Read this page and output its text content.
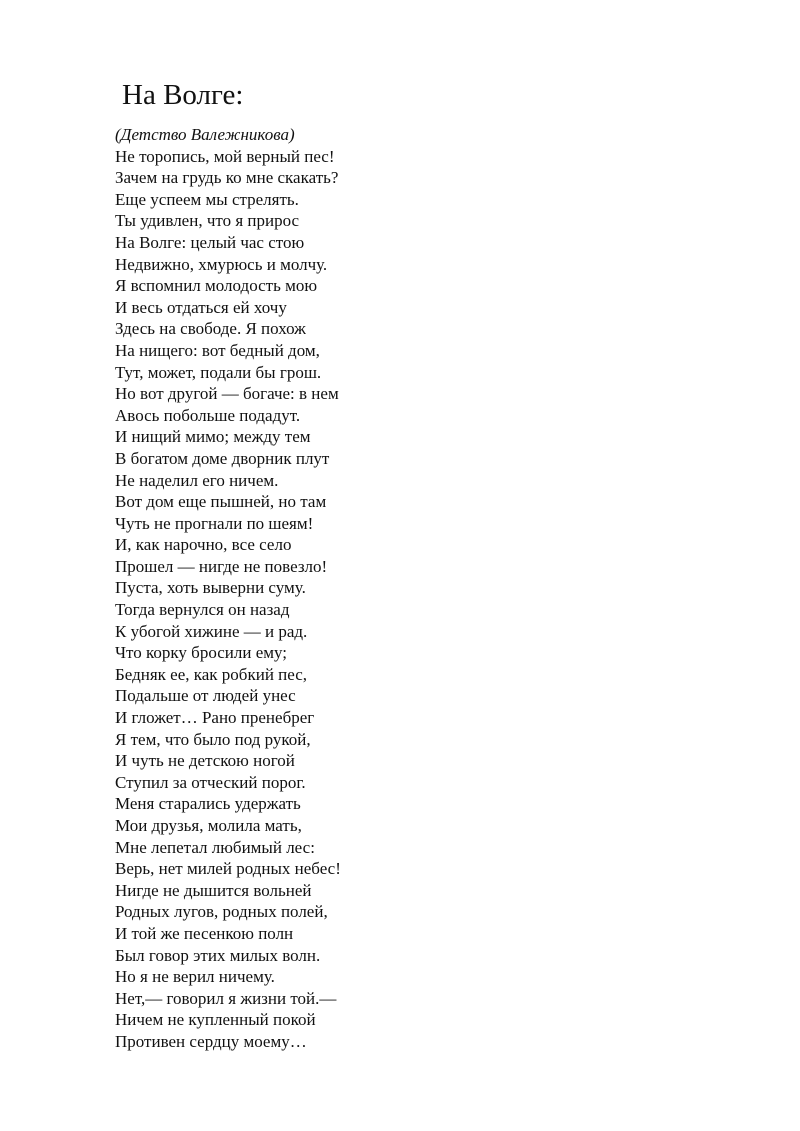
На Волге:
(Детство Валежникова)
Не торопись, мой верный пес!
Зачем на грудь ко мне скакать?
Еще успеем мы стрелять.
Ты удивлен, что я прирос
На Волге: целый час стою
Недвижно, хмурюсь и молчу.
Я вспомнил молодость мою
И весь отдаться ей хочу
Здесь на свободе. Я похож
На нищего: вот бедный дом,
Тут, может, подали бы грош.
Но вот другой — богаче: в нем
Авось побольше подадут.
И нищий мимо; между тем
В богатом доме дворник плут
Не наделил его ничем.
Вот дом еще пышней, но там
Чуть не прогнали по шеям!
И, как нарочно, все село
Прошел — нигде не повезло!
Пуста, хоть выверни суму.
Тогда вернулся он назад
К убогой хижине — и рад.
Что корку бросили ему;
Бедняк ее, как робкий пес,
Подальше от людей унес
И гложет… Рано пренебрег
Я тем, что было под рукой,
И чуть не детскою ногой
Ступил за отческий порог.
Меня старались удержать
Мои друзья, молила мать,
Мне лепетал любимый лес:
Верь, нет милей родных небес!
Нигде не дышится вольней
Родных лугов, родных полей,
И той же песенкою полн
Был говор этих милых волн.
Но я не верил ничему.
Нет,— говорил я жизни той.—
Ничем не купленный покой
Противен сердцу моему…
